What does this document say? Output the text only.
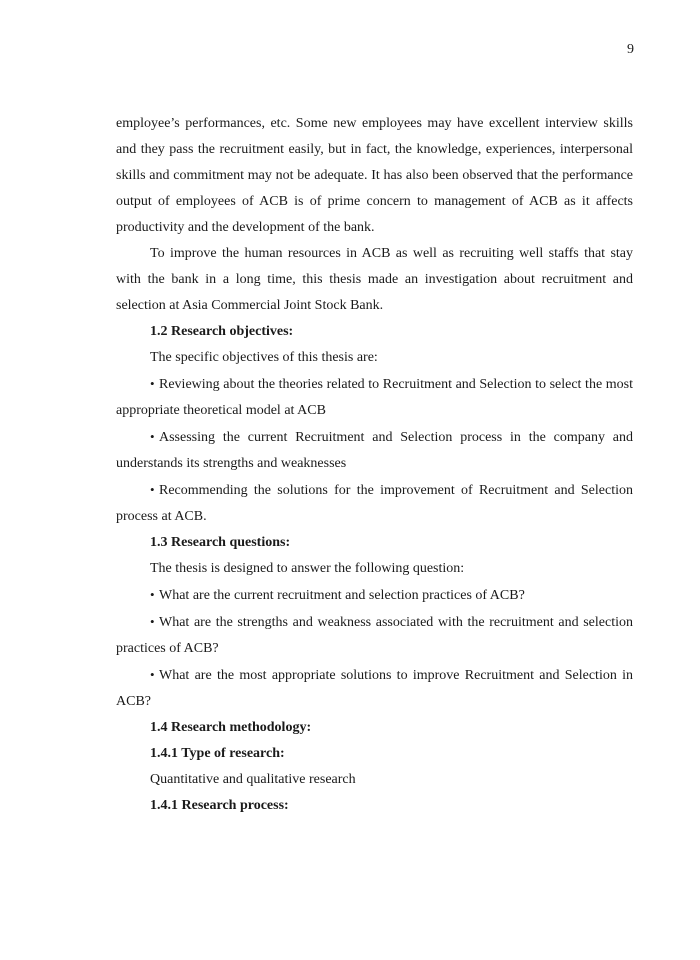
9

employee’s performances, etc. Some new employees may have excellent interview skills and they pass the recruitment easily, but in fact, the knowledge, experiences, interpersonal skills and commitment may not be adequate. It has also been observed that the performance output of employees of ACB is of prime concern to management of ACB as it affects productivity and the development of the bank.

To improve the human resources in ACB as well as recruiting well staffs that stay with the bank in a long time, this thesis made an investigation about recruitment and selection at Asia Commercial Joint Stock Bank.

1.2 Research objectives:

The specific objectives of this thesis are:

• Reviewing about the theories related to Recruitment and Selection to select the most appropriate theoretical model at ACB

• Assessing the current Recruitment and Selection process in the company and understands its strengths and weaknesses

• Recommending the solutions for the improvement of Recruitment and Selection process at ACB.

1.3 Research questions:

The thesis is designed to answer the following question:

• What are the current recruitment and selection practices of ACB?

• What are the strengths and weakness associated with the recruitment and selection practices of ACB?

• What are the most appropriate solutions to improve Recruitment and Selection in ACB?

1.4 Research methodology:

1.4.1 Type of research:

Quantitative and qualitative research

1.4.1 Research process:
